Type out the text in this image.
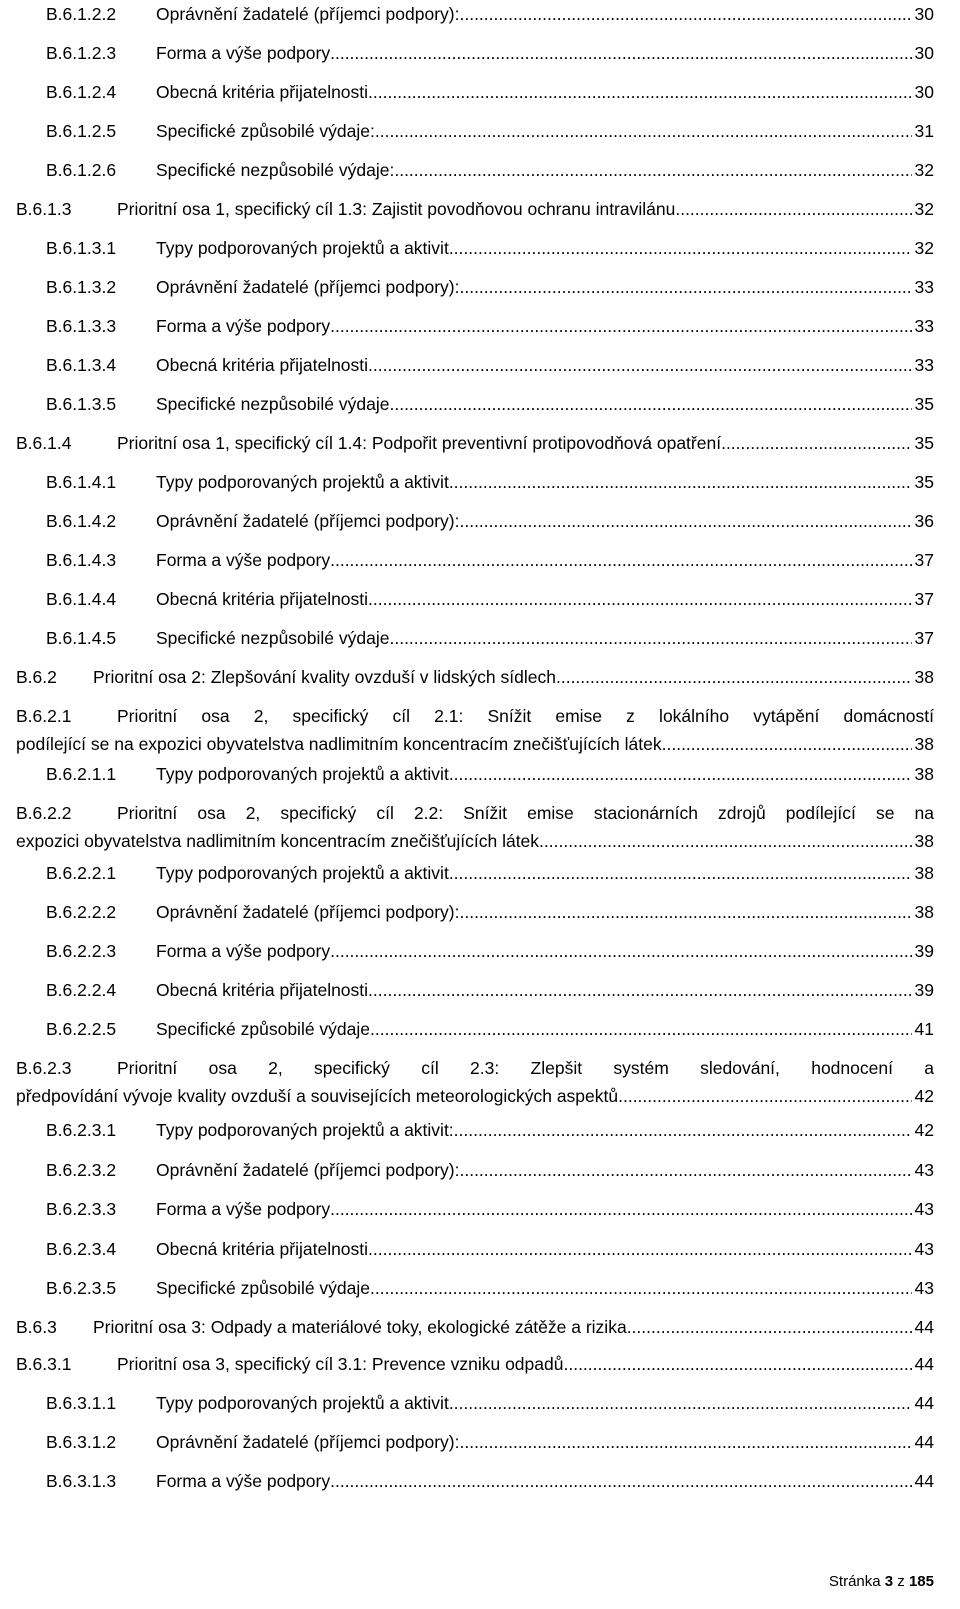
B.6.1.2.2 Oprávnění žadatelé (příjemci podpory): .....	30
B.6.1.2.3 Forma a výše podpory .....	30
B.6.1.2.4 Obecná kritéria přijatelnosti .....	30
B.6.1.2.5 Specifické způsobilé výdaje: .....	31
B.6.1.2.6 Specifické nezpůsobilé výdaje: .....	32
B.6.1.3	Prioritní osa 1, specifický cíl 1.3: Zajistit povodňovou ochranu intravilánu .....	32
B.6.1.3.1 Typy podporovaných projektů a aktivit .....	32
B.6.1.3.2 Oprávnění žadatelé (příjemci podpory): .....	33
B.6.1.3.3 Forma a výše podpory .....	33
B.6.1.3.4 Obecná kritéria přijatelnosti .....	33
B.6.1.3.5 Specifické nezpůsobilé výdaje .....	35
B.6.1.4	Prioritní osa 1, specifický cíl 1.4: Podpořit preventivní protipovodňová opatření .....	35
B.6.1.4.1 Typy podporovaných projektů a aktivit .....	35
B.6.1.4.2 Oprávnění žadatelé (příjemci podpory): .....	36
B.6.1.4.3 Forma a výše podpory .....	37
B.6.1.4.4 Obecná kritéria přijatelnosti .....	37
B.6.1.4.5 Specifické nezpůsobilé výdaje .....	37
B.6.2 Prioritní osa 2: Zlepšování kvality ovzduší v lidských sídlech .....	38
B.6.2.1	Prioritní osa 2, specifický cíl 2.1: Snížit emise z lokálního vytápění domácností
podílející se na expozici obyvatelstva nadlimitním koncentracím znečišťujících látek .....	38
B.6.2.1.1 Typy podporovaných projektů a aktivit .....	38
B.6.2.2	Prioritní osa 2, specifický cíl 2.2: Snížit emise stacionárních zdrojů podílející se na
expozici obyvatelstva nadlimitním koncentracím znečišťujících látek .....	38
B.6.2.2.1 Typy podporovaných projektů a aktivit .....	38
B.6.2.2.2 Oprávnění žadatelé (příjemci podpory): .....	38
B.6.2.2.3 Forma a výše podpory .....	39
B.6.2.2.4 Obecná kritéria přijatelnosti .....	39
B.6.2.2.5 Specifické způsobilé výdaje .....	41
B.6.2.3	Prioritní osa 2, specifický cíl 2.3: Zlepšit systém sledování, hodnocení a
předpovídání vývoje kvality ovzduší a souvisejících meteorologických aspektů .....	42
B.6.2.3.1 Typy podporovaných projektů a aktivit: .....	42
B.6.2.3.2 Oprávnění žadatelé (příjemci podpory): .....	43
B.6.2.3.3 Forma a výše podpory .....	43
B.6.2.3.4 Obecná kritéria přijatelnosti .....	43
B.6.2.3.5 Specifické způsobilé výdaje .....	43
B.6.3 Prioritní osa 3: Odpady a materiálové toky, ekologické zátěže a rizika .....	44
B.6.3.1	Prioritní osa 3, specifický cíl 3.1: Prevence vzniku odpadů .....	44
B.6.3.1.1 Typy podporovaných projektů a aktivit .....	44
B.6.3.1.2 Oprávnění žadatelé (příjemci podpory): .....	44
B.6.3.1.3 Forma a výše podpory .....	44
Stránka 3 z 185
